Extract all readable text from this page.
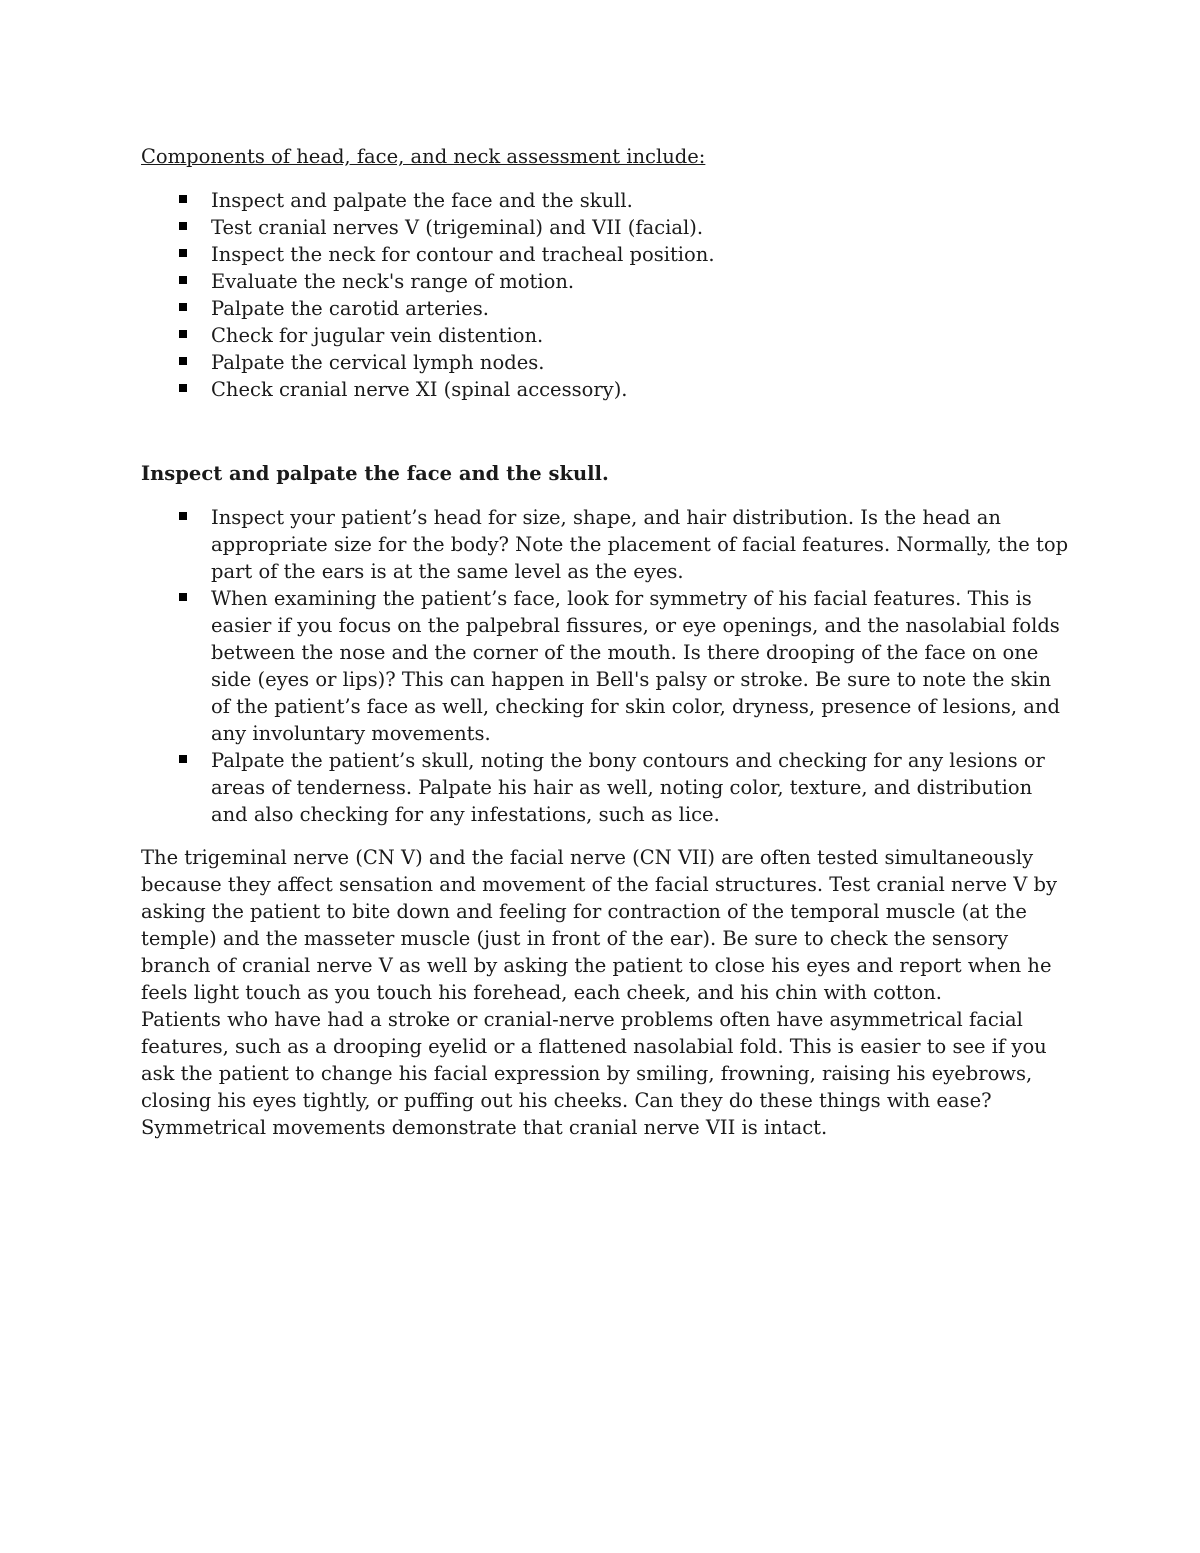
Components of head, face, and neck assessment include:

Inspect and palpate the face and the skull.
Test cranial nerves V (trigeminal) and VII (facial).
Inspect the neck for contour and tracheal position.
Evaluate the neck's range of motion.
Palpate the carotid arteries.
Check for jugular vein distention.
Palpate the cervical lymph nodes.
Check cranial nerve XI (spinal accessory).

Inspect and palpate the face and the skull.

Inspect your patient’s head for size, shape, and hair distribution. Is the head an appropriate size for the body? Note the placement of facial features. Normally, the top part of the ears is at the same level as the eyes.
When examining the patient’s face, look for symmetry of his facial features. This is easier if you focus on the palpebral fissures, or eye openings, and the nasolabial folds between the nose and the corner of the mouth. Is there drooping of the face on one side (eyes or lips)? This can happen in Bell's palsy or stroke. Be sure to note the skin of the patient’s face as well, checking for skin color, dryness, presence of lesions, and any involuntary movements.
Palpate the patient’s skull, noting the bony contours and checking for any lesions or areas of tenderness. Palpate his hair as well, noting color, texture, and distribution and also checking for any infestations, such as lice.

The trigeminal nerve (CN V) and the facial nerve (CN VII) are often tested simultaneously because they affect sensation and movement of the facial structures. Test cranial nerve V by asking the patient to bite down and feeling for contraction of the temporal muscle (at the temple) and the masseter muscle (just in front of the ear). Be sure to check the sensory branch of cranial nerve V as well by asking the patient to close his eyes and report when he feels light touch as you touch his forehead, each cheek, and his chin with cotton.

Patients who have had a stroke or cranial-nerve problems often have asymmetrical facial features, such as a drooping eyelid or a flattened nasolabial fold. This is easier to see if you ask the patient to change his facial expression by smiling, frowning, raising his eyebrows, closing his eyes tightly, or puffing out his cheeks. Can they do these things with ease? Symmetrical movements demonstrate that cranial nerve VII is intact.
